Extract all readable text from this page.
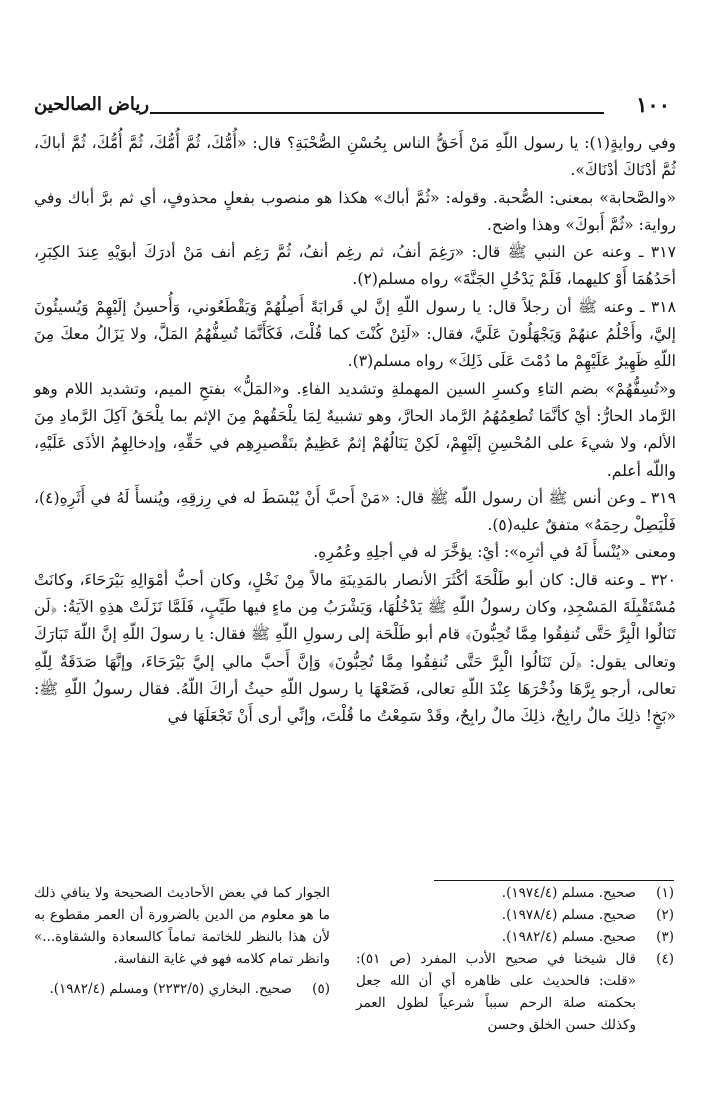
رياض الصالحين	١٠٠

وفي روايةٍ(١): يا رسول اللّهِ مَنْ أَحَقُّ الناس بِحُسْنِ الصُّحْبَةِ؟ قال: «أُمُّكَ، ثُمَّ أُمُّكَ، ثُمَّ أُمُّكَ، ثُمَّ أباكَ، ثُمَّ أدْنَاكَ أدْنَاكَ».

«والصَّحابة» بمعنى: الصُّحبة. وقوله: «ثُمَّ أباك» هكذا هو منصوب بفعلٍ محذوفٍ، أي ثم برَّ أباك وفي رواية: «ثُمَّ أَبوكَ» وهذا واضح.

٣١٧ ـ وعنه عن النبي ﷺ قال: «رَغِمَ أنفُ، ثم رغِم أنفُ، ثُمَّ رَغِم أنف مَنْ أدرَكَ أبوَيْهِ عِندَ الكِبَرِ، أحَدُهُمَا أَوْ كليهما، فَلَمْ يَدْخُلِ الجَنَّةَ» رواه مسلم(٢).

٣١٨ ـ وعنه ﷺ أن رجلاً قال: يا رسول اللّهِ إنَّ لي قَرابَةً أَصِلُهُمْ وَيَقْطَعُوني، وَأُحسِنُ إلَيْهِمْ وَيُسيئُونَ إليَّ، وأَحْلُمُ عنهُمْ وَيَجْهَلُونَ عَلَيَّ، فقال: «لَئِنْ كُنْتَ كما قُلْتَ، فَكَأَنَّمَا تُسِفُّهُمُ المَلَّ، ولا يَزَالُ معكَ مِنَ اللّهِ ظَهِيرٌ عَلَيْهِمْ ما دُمْتَ عَلَى ذَلِكَ» رواه مسلم(٣).

و«تُسِفُّهُمْ» بضم التاءِ وكسرِ السين المهملةِ وتشديد الفاءِ. و«المَلُّ» بفتحِ الميم، وتشديد اللام وهو الرَّماد الحارُّ: أيْ كأنَّمَا تُطعِمُهُمُ الرَّماد الحارَّ، وهو تشبيهٌ لِمَا يلْحَقُهمْ مِنَ الإثم بما يلْحَقُ آكِلَ الرَّمادِ مِنَ الألم، ولا شيءَ على المُحْسِنِ إلَيْهِمْ، لَكِنْ يَنَالُهُمْ إثمٌ عَظِيمٌ بتَقْصيرِهِم في حَقِّهِ، وإدخالِهِمُ الأذَى عَلَيْهِ، واللّه أعلم.

٣١٩ ـ وعن أنس ﷺ أن رسول اللّه ﷺ قال: «مَنْ أَحبَّ أَنْ يُبْسَطَ له في رِزقِهِ، ويُنسأَ لَهُ في أَثَرِهِ(٤)، فَلْيَصِلْ رحِمَهُ» متفقٌ عليه(٥).

ومعنى «يُنْسأَ لَهُ في أثرِه»: أيْ: يؤخَّرَ له في أجلِهِ وعُمُرِهِ.

٣٢٠ ـ وعنه قال: كان أبو طَلْحَةَ أكْثَرَ الأنصار بالمَدِينَةِ مالاً مِنْ نَخْلٍ، وكان أحبُّ أمْوَالِهِ بَيْرَحَاءَ، وكانَتْ مُسْتَقْبِلَةَ المَسْجِدِ، وكان رسولُ اللّهِ ﷺ يَدْخُلُهَا، وَيَشْرَبُ مِن ماءٍ فيها طَيِّبٍ، فَلَمَّا نَزَلَتْ هذِهِ الآيَةُ: ﴿لَن تَنَالُوا الْبِرَّ حَتَّى تُنفِقُوا مِمَّا تُحِبُّونَ﴾ قام أبو طَلْحَة إلى رسولِ اللّهِ ﷺ فقال: يا رسولَ اللّهِ إنَّ اللّهَ تَبَارَكَ وتعالى يقول: ﴿لَن تَنَالُوا الْبِرَّ حَتَّى تُنفِقُوا مِمَّا تُحِبُّونَ﴾ وَإنَّ أَحبَّ مالي إليَّ بَيْرَحَاءَ، وإنَّهَا صَدَقَةٌ لِلّهِ تعالى، أرجو بِرَّهَا وذُخْرَهَا عِنْدَ اللّهِ تعالى، فَضَعْهَا يا رسول اللّهِ حيثُ أراكَ اللّهُ. فقال رسولُ اللّهِ ﷺ: «بَخٍ! ذلِكَ مالٌ رابِحٌ، ذلِكَ مالٌ رابِحٌ، وقَدْ سَمِعْتُ ما قُلْتَ، وإنِّي أرى أَنْ تَجْعَلَهَا في

(١)
صحيح. مسلم (١٩٧٤/٤).
(٢)
صحيح. مسلم (١٩٧٨/٤).
(٣)
صحيح. مسلم (١٩٨٢/٤).
(٤)
قال شيخنا في صحيح الأدب المفرد (ص ٥١): «قلت: فالحديث على ظاهره أي أن الله جعل بحكمته صلة الرحم سبباً شرعياً لطول العمر وكذلك حسن الخلق وحسن

الجوار كما في بعض الأحاديث الصحيحة ولا ينافي ذلك ما هو معلوم من الدين بالضرورة أن العمر مقطوع به لأن هذا بالنظر للخاتمة تماماً كالسعادة والشقاوة...» وانظر تمام كلامه فهو في غاية النفاسة.

(٥)
صحيح. البخاري (٢٢٣٢/٥) ومسلم (١٩٨٢/٤).
